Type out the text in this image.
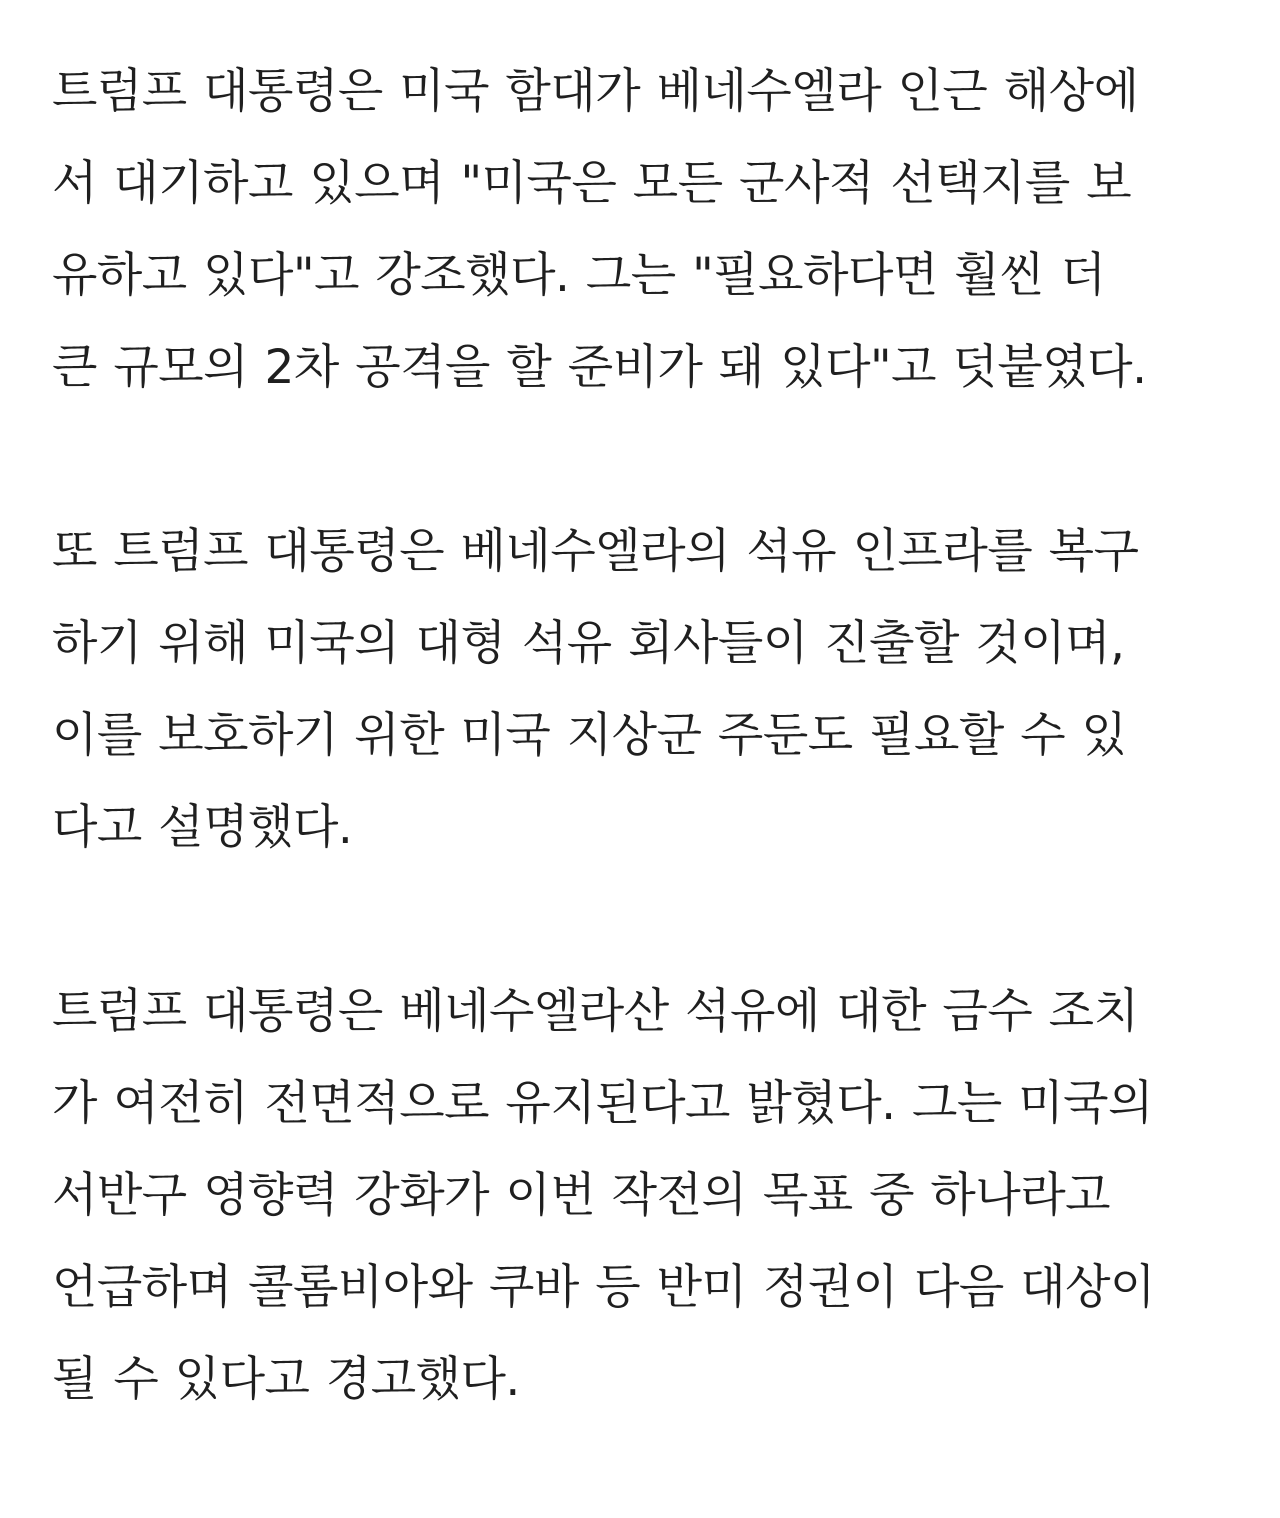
트럼프 대통령은 미국 함대가 베네수엘라 인근 해상에
서 대기하고 있으며 "미국은 모든 군사적 선택지를 보
유하고 있다"고 강조했다. 그는 "필요하다면 훨씬 더
큰 규모의 2차 공격을 할 준비가 돼 있다"고 덧붙였다.

또 트럼프 대통령은 베네수엘라의 석유 인프라를 복구
하기 위해 미국의 대형 석유 회사들이 진출할 것이며,
이를 보호하기 위한 미국 지상군 주둔도 필요할 수 있
다고 설명했다.

트럼프 대통령은 베네수엘라산 석유에 대한 금수 조치
가 여전히 전면적으로 유지된다고 밝혔다. 그는 미국의
서반구 영향력 강화가 이번 작전의 목표 중 하나라고
언급하며 콜롬비아와 쿠바 등 반미 정권이 다음 대상이
될 수 있다고 경고했다.
